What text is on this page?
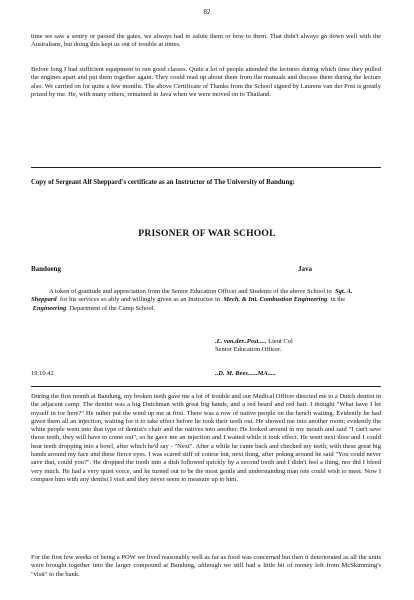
82

time we saw a sentry or passed the gates, we always had to salute them or bow to them. That didn't always go down well with the Australians, but doing this kept us out of trouble at times.

Before long I had sufficient equipment to run good classes. Quite a lot of people attended the lectures during which time they pulled the engines apart and put them together again. They could read up about them from the manuals and discuss them during the lecture also. We carried on for quite a few months. The above Certificate of Thanks from the School signed by Laurens van der Post is greatly prized by me. He, with many others, remained in Java when we were moved on to Thailand.

Copy of Sergeant Alf Sheppard's certificate as an Instructor of The University of Bandung:
PRISONER OF WAR SCHOOL
Bandoeng	Java

A token of gratitude and appreciation from the Senior Education Officer and Students of the above School to Sgt. A. Sheppard for his services so ably and willingly given as an Instructor in Mech. & Int. Combustion Engineering in the  Engineering Department of the Camp School.

.L. van.der..Post..... Lieut Col
Senior Education Officer.
19.10.42	..D. M. Rees......MA.....

During the first month at Bandung, my broken teeth gave me a lot of trouble and our Medical Officer directed me to a Dutch dentist in the adjacent camp. The dentist was a big Dutchman with great big hands, and a red beard and red hair. I thought "What have I let myself in for here?" He rather put the wind up me at first. There was a row of native people on the bench waiting. Evidently he had given them all an injection, waiting for it to take effect before he took their teeth out. He showed me into another room; evidently the white people went into that type of dentist's chair and the natives into another. He looked around in my mouth and said "I can't save those teeth, they will have to come out", so he gave me an injection and I waited while it took effect. He went next door and I could hear teeth dropping into a bowl, after which he'd say - "Next". After a while he came back and checked my teeth, with these great big hands around my face and these fierce eyes. I was scared stiff of course but, next thing, after poking around he said "You could never save that, could you?". He dropped the tooth into a dish followed quickly by a second tooth and I didn't feel a thing, nor did I bleed very much. He had a very quiet voice, and he turned out to be the most gentle and understanding man one could wish to meet. Now I compare him with any dentist I visit and they never seem to measure up to him.

For the first few weeks of being a POW we lived reasonably well as far as food was concerned but then it deteriorated as all the units were brought together into the larger compound at Bandung, although we still had a little bit of money left from McSkimming's "visit" to the bank.
